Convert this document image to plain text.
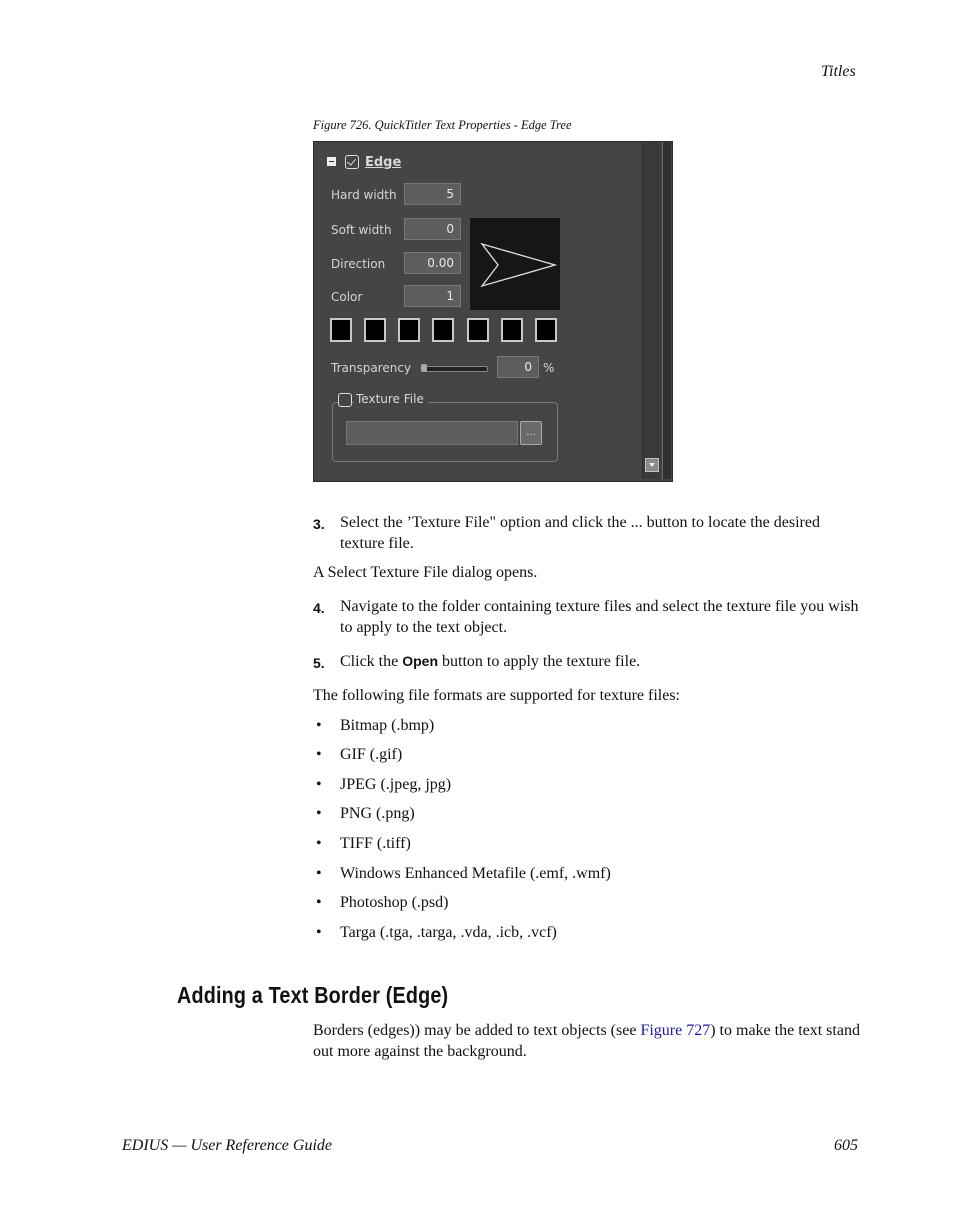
Titles
Figure 726. QuickTitler Text Properties - Edge Tree
Edge
Hard width	5
Soft width	0
Direction	0.00
Color	1
Transparency	0 %
Texture File
...
3. Select the ’Texture File" option and click the ... button to locate the desired texture file.
A Select Texture File dialog opens.
4. Navigate to the folder containing texture files and select the texture file you wish to apply to the text object.
5. Click the Open button to apply the texture file.
The following file formats are supported for texture files:
• Bitmap (.bmp)
• GIF (.gif)
• JPEG (.jpeg, jpg)
• PNG (.png)
• TIFF (.tiff)
• Windows Enhanced Metafile (.emf, .wmf)
• Photoshop (.psd)
• Targa (.tga, .targa, .vda, .icb, .vcf)
Adding a Text Border (Edge)
Borders (edges)) may be added to text objects (see Figure 727) to make the text stand out more against the background.
EDIUS — User Reference Guide	605
